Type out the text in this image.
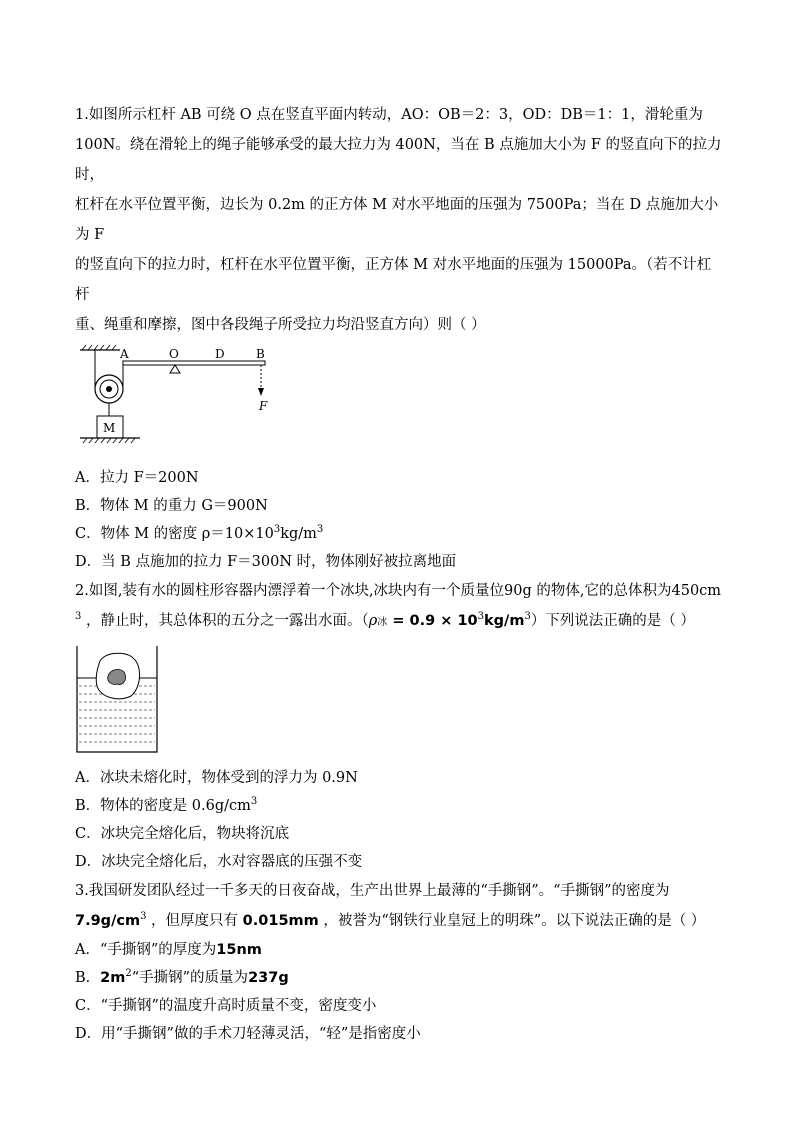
1.如图所示杠杆 AB 可绕 O 点在竖直平面内转动，AO：OB＝2：3，OD：DB＝1：1，滑轮重为

100N。绕在滑轮上的绳子能够承受的最大拉力为 400N，当在 B 点施加大小为 F 的竖直向下的拉力时，

杠杆在水平位置平衡，边长为 0.2m 的正方体 M 对水平地面的压强为 7500Pa；当在 D 点施加大小为 F

的竖直向下的拉力时，杠杆在水平位置平衡，正方体 M 对水平地面的压强为 15000Pa。（若不计杠杆

重、绳重和摩擦，图中各段绳子所受拉力均沿竖直方向）则（ ）

A	O	D	B
F
M

A．拉力 F＝200N

B．物体 M 的重力 G＝900N

C．物体 M 的密度 $\rho=10\times 10^3kg/m^3$

D．当 B 点施加的拉力 F＝300N 时，物体刚好被拉离地面

2.如图,装有水的圆柱形容器内漂浮着一个冰块,冰块内有一个质量位90g 的物体,它的总体积为450cm

$^3$ ，静止时，其总体积的五分之一露出水面。（ρ冰 = $0.9 \times 10^3kg/m^3$）下列说法正确的是（ ）

A．冰块未熔化时，物体受到的浮力为 0.9N

B．物体的密度是 $0.6g/cm^3$

C．冰块完全熔化后，物块将沉底

D．冰块完全熔化后，水对容器底的压强不变

3.我国研发团队经过一千多天的日夜奋战，生产出世界上最薄的“手撕钢”。“手撕钢”的密度为

$7.9g/cm^3$ ，但厚度只有 0.015mm ，被誉为“钢铁行业皇冠上的明珠”。以下说法正确的是（ ）

A．“手撕钢”的厚度为15nm

B．$2m^2“$手撕钢”的质量为237g

C．“手撕钢”的温度升高时质量不变，密度变小

D．用“手撕钢”做的手术刀轻薄灵活，“轻”是指密度小
